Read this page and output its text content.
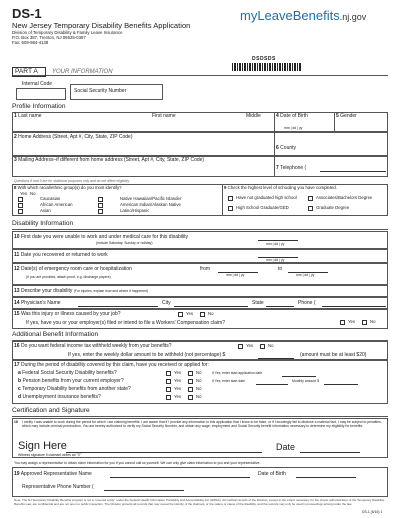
DS-1
New Jersey Temporary Disability Benefits Application
Division of Temporary Disability & Family Leave Insurance
P.O. Box 387, Trenton, NJ 08625-0387
Fax: 609-984-4138
myLeaveBenefits.nj.gov
DSDSDS
PART A YOUR INFORMATION
Internal Code
Social Security Number
Profile Information
1 Last name	First name	Middle	4 Date of Birth
mm | dd | yy
5 Gender
2 Home Address (Street, Apt #, City, State, ZIP Code)
6 County
3 Mailing Address–if different from home address (Street, Apt #, City, State, ZIP Code)
7 Telephone (
Questions 8 and 9 are for statistical purposes only and do not affect eligibility
8 With which racial/ethnic group(s) do you most identify?
Yes No
Caucasian
African American
Asian
Native Hawaiian/Pacific Islander
American Indian/Alaskan Native
Latino/Hispanic
9 Check the highest level of schooling you have completed.
Have not graduated high school
High School Graduate/GED
Associates/Bachelors Degree
Graduate Degree
Disability Information
10 First date you were unable to work and under medical care for this disability
(Include Saturday, Sunday or holiday)	mm | dd | yy
11 Date you recovered or returned to work
mm | dd | yy
12 Date(s) of emergency room care or hospitalization
(If you are provided, attach proof, e.g. discharge papers)
from
mm | dd | yy
to
mm | dd | yy
13 Describe your disability (For injuries, explain how and where it happened)
14 Physician's Name	City	State	Phone (
15 Was this injury or illness caused by your job?	Yes	No
If yes, have you or your employer(s) filed or intend to file a Workers' Compensation claim?	Yes	No
Additional Benefit Information
16 Do you want federal income tax withheld weekly from your benefits?	Yes	No
If yes, enter the weekly dollar amount to be withheld (not percentage) $	(amount must be at least $20)
17 During the period of disability covered by this claim, have you received or applied for:
a Federal Social Security Disability benefits?	Yes	No	If Yes, enter start application date
b Pension benefits from your current employer?	Yes	No	If Yes, enter start date	Monthly amount $
c Temporary Disability benefits from another state?	Yes	No
d Unemployment insurance benefits?	Yes	No
Certification and Signature
18 I certify I was unable to work during the period for which I am claiming benefits. I am aware that if I provide any information in this application that I know to be false, or if I knowingly fail to disclose a material fact, I may be subject to penalties, which may include criminal prosecution. You are hereby authorized to verify my Social Security Number, and obtain any wage, employment and Social Security benefit information necessary to determine my eligibility for benefits.
Sign Here
Witness signature if claimant writes an "X"
Date
You may assign a representative to obtain claim information for you if you cannot call us yourself. We can only give claim information to you and your representative.
19 Approved Representative Name	Date of Birth
Representative Phone Number (
Note: The NJ Temporary Disability Benefits program is not a "covered entity" under the Federal Health Information Portability and Accountability Act (HIPAA). All medical records of the Division, except to the extent necessary for the proper administration of the Temporary Disability Benefits Law, are confidential and are not open to public inspection. The Division protects all records that may reveal the identity of the claimant, or the nature or cause of the disability, and the records may only be used in proceedings arising under the law.
DS-1 (6/16) 1
